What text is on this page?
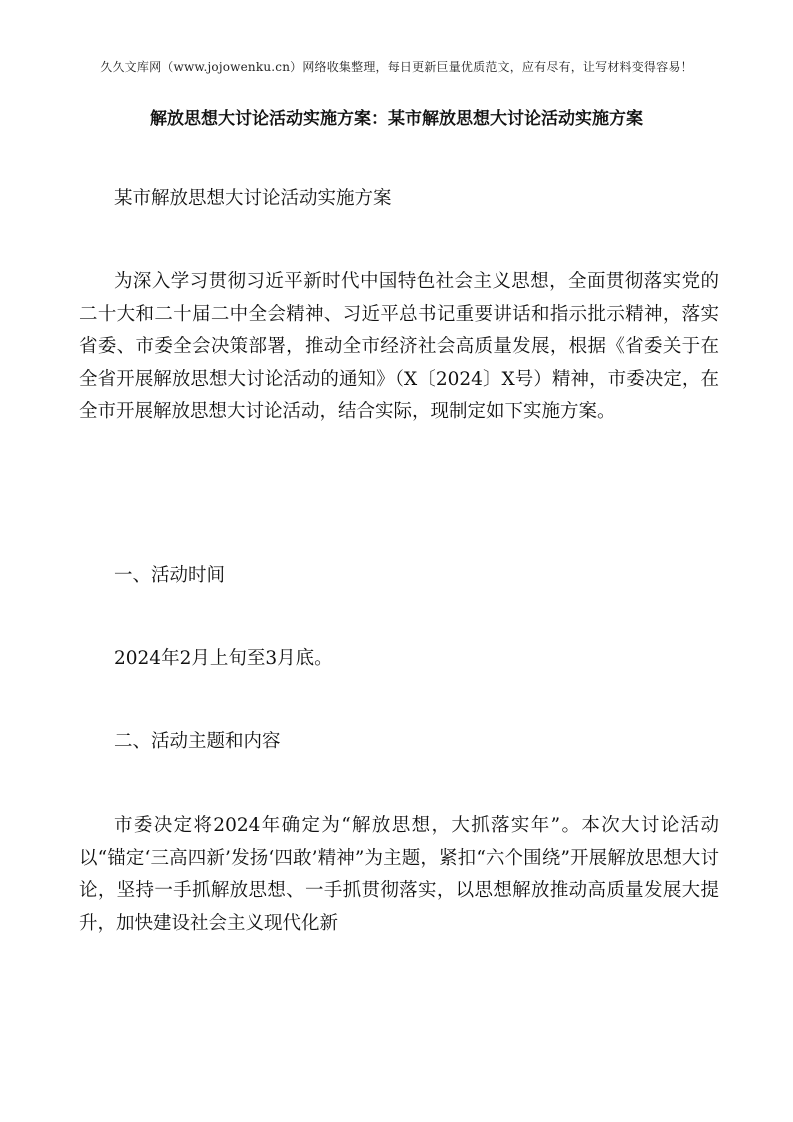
久久文库网（www.jojowenku.cn）网络收集整理，每日更新巨量优质范文，应有尽有，让写材料变得容易！
解放思想大讨论活动实施方案：某市解放思想大讨论活动实施方案

某市解放思想大讨论活动实施方案

为深入学习贯彻习近平新时代中国特色社会主义思想，全面贯彻落实党的二十大和二十届二中全会精神、习近平总书记重要讲话和指示批示精神，落实省委、市委全会决策部署，推动全市经济社会高质量发展，根据《省委关于在全省开展解放思想大讨论活动的通知》（X〔2024〕X号）精神，市委决定，在全市开展解放思想大讨论活动，结合实际，现制定如下实施方案。

一、活动时间

2024年2月上旬至3月底。

二、活动主题和内容

市委决定将2024年确定为“解放思想，大抓落实年”。本次大讨论活动以“锚定‘三高四新’发扬‘四敢’精神”为主题，紧扣“六个围绕”开展解放思想大讨论，坚持一手抓解放思想、一手抓贯彻落实，以思想解放推动高质量发展大提升，加快建设社会主义现代化新
